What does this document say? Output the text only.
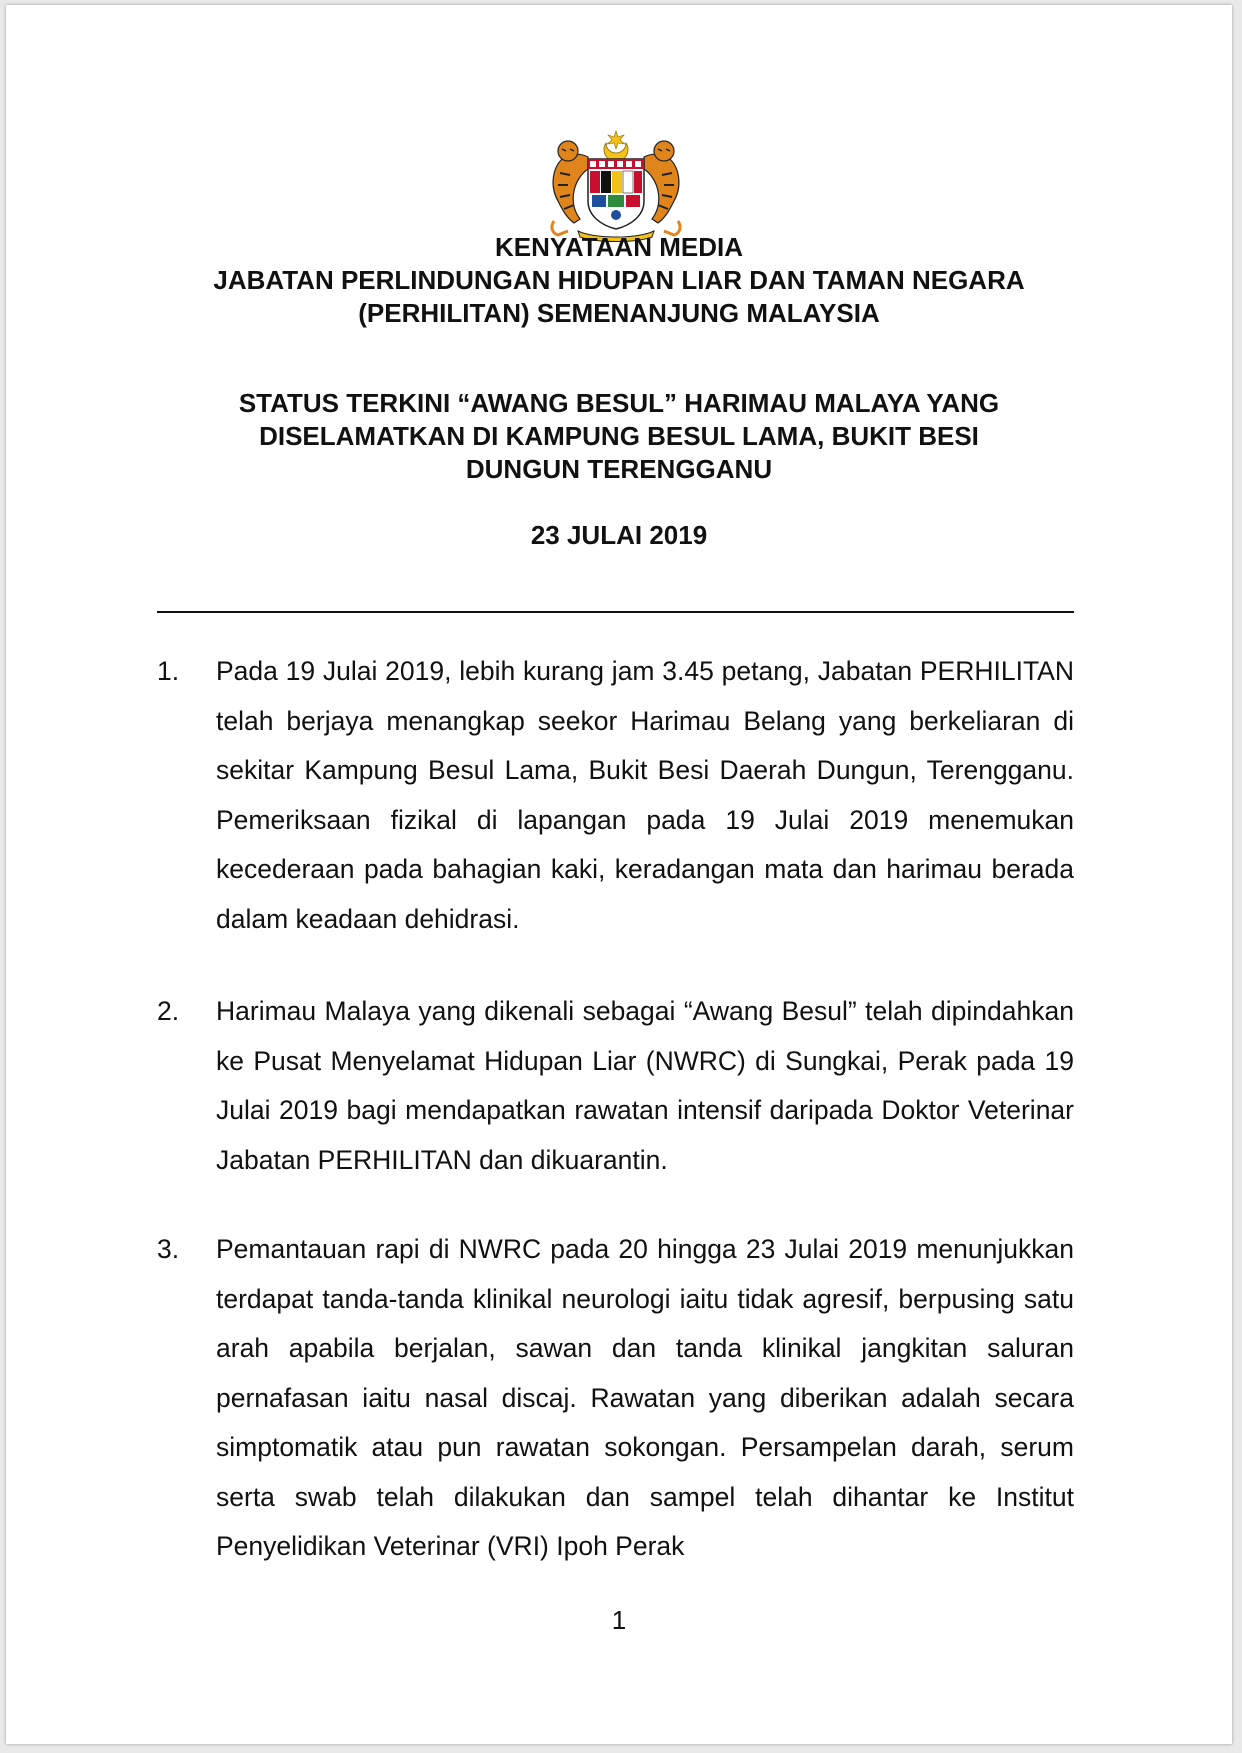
KENYATAAN MEDIA
JABATAN PERLINDUNGAN HIDUPAN LIAR DAN TAMAN NEGARA
(PERHILITAN) SEMENANJUNG MALAYSIA
STATUS TERKINI “AWANG BESUL” HARIMAU MALAYA YANG
DISELAMATKAN DI KAMPUNG BESUL LAMA, BUKIT BESI
DUNGUN TERENGGANU
23 JULAI 2019
1. Pada 19 Julai 2019, lebih kurang jam 3.45 petang, Jabatan PERHILITAN telah berjaya menangkap seekor Harimau Belang yang berkeliaran di sekitar Kampung Besul Lama, Bukit Besi Daerah Dungun, Terengganu. Pemeriksaan fizikal di lapangan pada 19 Julai 2019 menemukan kecederaan pada bahagian kaki, keradangan mata dan harimau berada dalam keadaan dehidrasi.
2. Harimau Malaya yang dikenali sebagai “Awang Besul” telah dipindahkan ke Pusat Menyelamat Hidupan Liar (NWRC) di Sungkai, Perak pada 19 Julai 2019 bagi mendapatkan rawatan intensif daripada Doktor Veterinar Jabatan PERHILITAN dan dikuarantin.
3. Pemantauan rapi di NWRC pada 20 hingga 23 Julai 2019 menunjukkan terdapat tanda-tanda klinikal neurologi iaitu tidak agresif, berpusing satu arah apabila berjalan, sawan dan tanda klinikal jangkitan saluran pernafasan iaitu nasal discaj. Rawatan yang diberikan adalah secara simptomatik atau pun rawatan sokongan. Persampelan darah, serum serta swab telah dilakukan dan sampel telah dihantar ke Institut Penyelidikan Veterinar (VRI) Ipoh Perak
1
